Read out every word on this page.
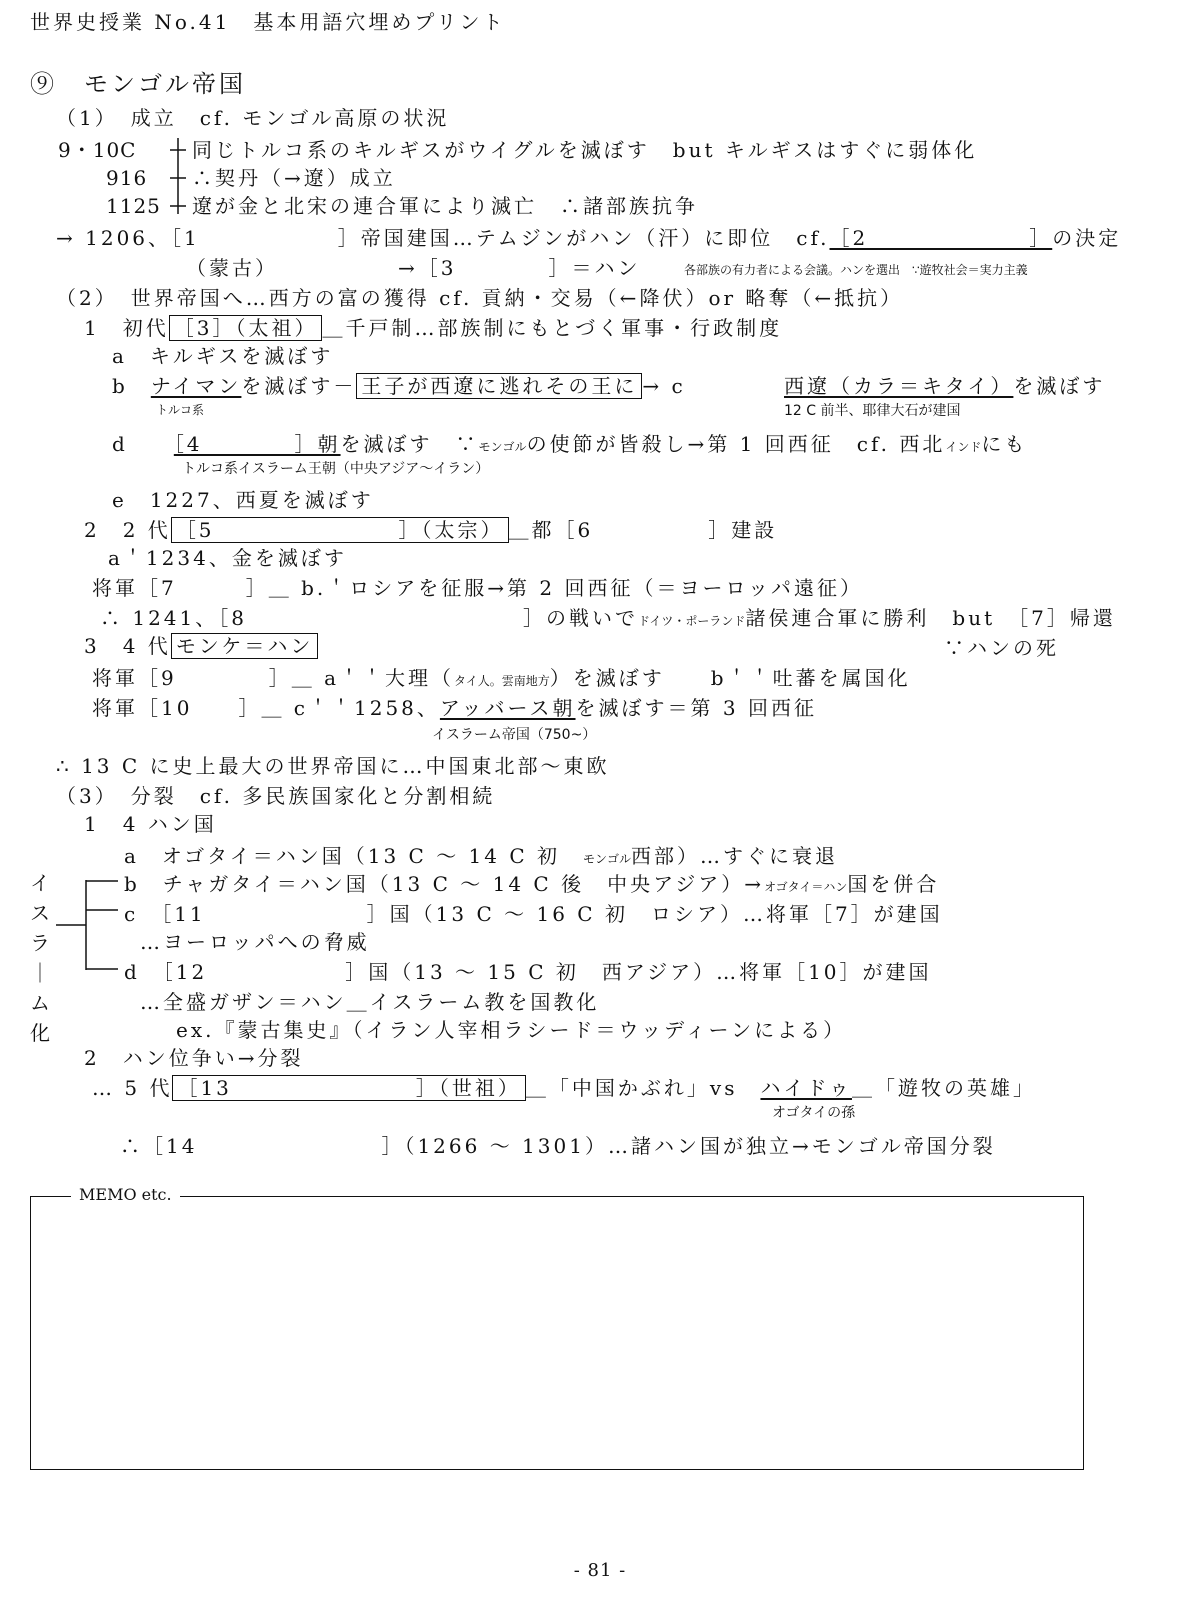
世界史授業 No.41　基本用語穴埋めプリント
⑨　モンゴル帝国
（1）　成立　cf. モンゴル高原の状況
9・10C	同じトルコ系のキルギスがウイグルを滅ぼす　but キルギスはすぐに弱体化
916 ∴契丹（→遼）成立
1125 遼が金と北宋の連合軍により滅亡　∴諸部族抗争
→ 1206、［1　　　　　　］帝国建国…テムジンがハン（汗）に即位　cf.［2　　　　　　　］の決定
（蒙古）	→［3　　　　］＝ハン	各部族の有力者による会議。ハンを選出　∵遊牧社会＝実力主義
（2）　世界帝国へ…西方の富の獲得 cf. 貢納・交易（←降伏）or 略奪（←抵抗）
1　初代 ［3］（太祖） ＿千戸制…部族制にもとづく軍事・行政制度
a　キルギスを滅ぼす
b　ナイマンを滅ぼす－ 王子が西遼に逃れその王に → c	西遼（カラ＝キタイ）を滅ぼす
トルコ系	12 C 前半、耶律大石が建国
d　　 ［4　　　　］朝を滅ぼす　∵モンゴルの使節が皆殺し→第 1 回西征　cf. 西北インドにも
トルコ系イスラーム王朝（中央アジア～イラン）
e　1227、西夏を滅ぼす
2　2 代 ［5　　　　　　　　］（太宗） ＿都［6　　　　　］建設
a＇1234、金を滅ぼす
将軍［7　　　］＿ b.＇ロシアを征服→第 2 回西征（＝ヨーロッパ遠征）
∴ 1241、［8　　　　　　　　　　　　］の戦いでドイツ・ポーランド諸侯連合軍に勝利　but　［7］帰還
3　4 代 モンケ＝ハン	∵ハンの死
将軍［9　　　　］＿ a＇＇大理（タイ人。雲南地方）を滅ぼす　　b＇＇吐蕃を属国化
将軍［10　　］＿ c＇＇1258、アッバース朝を滅ぼす＝第 3 回西征
イスラーム帝国（750~）
∴ 13 C に史上最大の世界帝国に…中国東北部～東欧
（3）　分裂　cf. 多民族国家化と分割相続
1　4 ハン国
a　オゴタイ＝ハン国（13 C ～ 14 C 初　モンゴル西部）…すぐに衰退
イ
ス
ラ
｜
ム
化
b　チャガタイ＝ハン国（13 C ～ 14 C 後　中央アジア）→オゴタイ＝ハン国を併合
c　［11　　　　　　　］国（13 C ～ 16 C 初　ロシア）…将軍［7］が建国
…ヨーロッパへの脅威
d　［12　　　　　　］国（13 ～ 15 C 初　西アジア）…将軍［10］が建国
…全盛ガザン＝ハン＿イスラーム教を国教化
ex.『蒙古集史』（イラン人宰相ラシード＝ウッディーンによる）
2　ハン位争い→分裂
… 5 代 ［13　　　　　　　　］（世祖） ＿「中国かぶれ」vs　ハイドゥ＿「遊牧の英雄」
オゴタイの孫
∴［14　　　　　　　　］（1266 ～ 1301）…諸ハン国が独立→モンゴル帝国分裂
MEMO etc.
- 81 -
